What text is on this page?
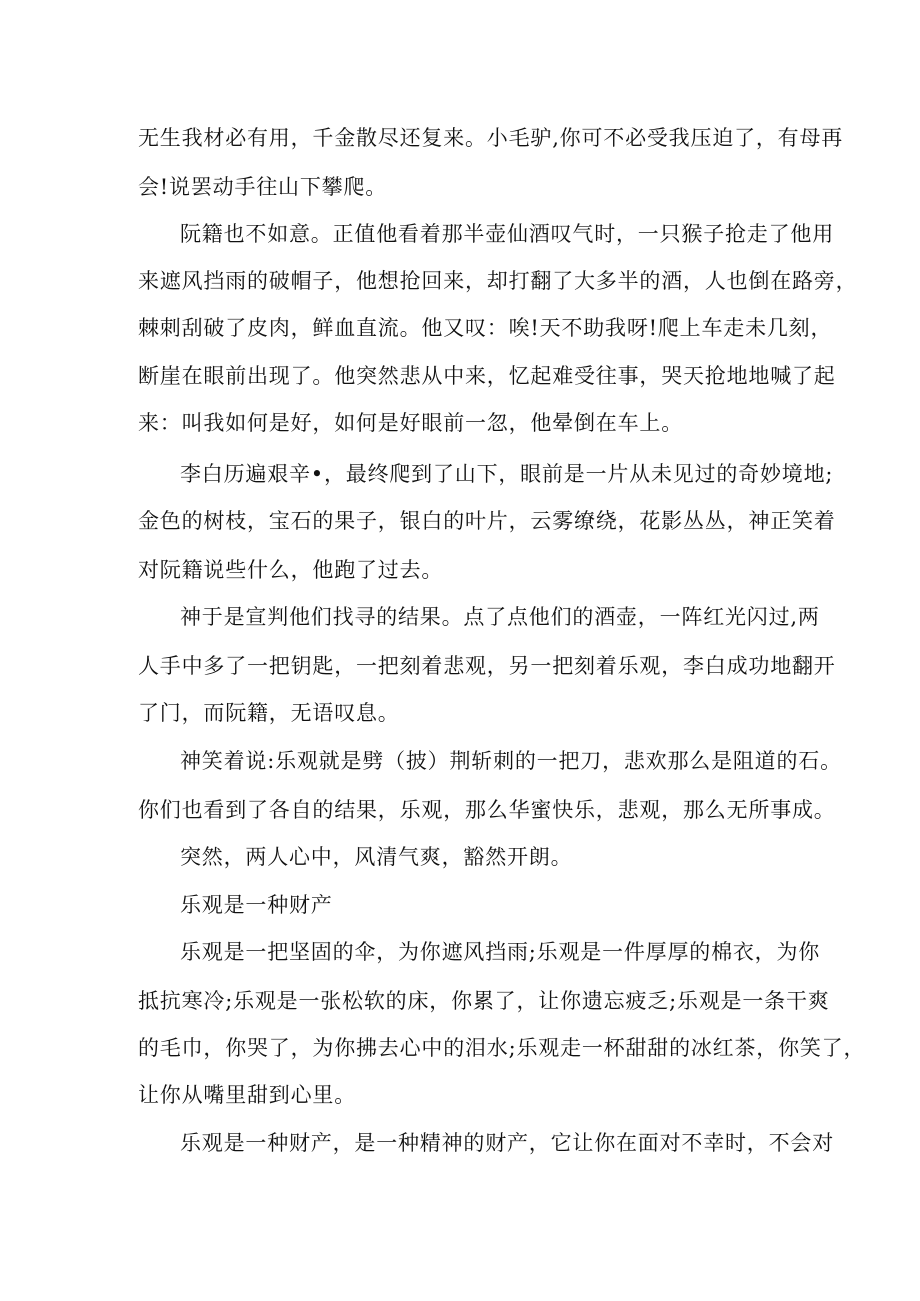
无生我材必有用，千金散尽还复来。小毛驴,你可不必受我压迫了，有母再
会!说罢动手往山下攀爬。
阮籍也不如意。正值他看着那半壶仙酒叹气时，一只猴子抢走了他用
来遮风挡雨的破帽子，他想抢回来，却打翻了大多半的酒，人也倒在路旁，
棘刺刮破了皮肉，鲜血直流。他又叹：唉!天不助我呀!爬上车走未几刻，
断崖在眼前出现了。他突然悲从中来，忆起难受往事，哭天抢地地喊了起
来：叫我如何是好，如何是好眼前一忽，他晕倒在车上。
李白历遍艰辛•，最终爬到了山下，眼前是一片从未见过的奇妙境地;
金色的树枝，宝石的果子，银白的叶片，云雾缭绕，花影丛丛，神正笑着
对阮籍说些什么，他跑了过去。
神于是宣判他们找寻的结果。点了点他们的酒壶，一阵红光闪过,两
人手中多了一把钥匙，一把刻着悲观，另一把刻着乐观，李白成功地翻开
了门，而阮籍，无语叹息。
神笑着说:乐观就是劈（披）荆斩刺的一把刀，悲欢那么是阻道的石。
你们也看到了各自的结果，乐观，那么华蜜快乐，悲观，那么无所事成。
突然，两人心中，风清气爽，豁然开朗。
乐观是一种财产
乐观是一把坚固的伞，为你遮风挡雨;乐观是一件厚厚的棉衣，为你
抵抗寒冷;乐观是一张松软的床，你累了，让你遗忘疲乏;乐观是一条干爽
的毛巾，你哭了，为你拂去心中的泪水;乐观走一杯甜甜的冰红茶，你笑了，
让你从嘴里甜到心里。
乐观是一种财产，是一种精神的财产，它让你在面对不幸时，不会对
